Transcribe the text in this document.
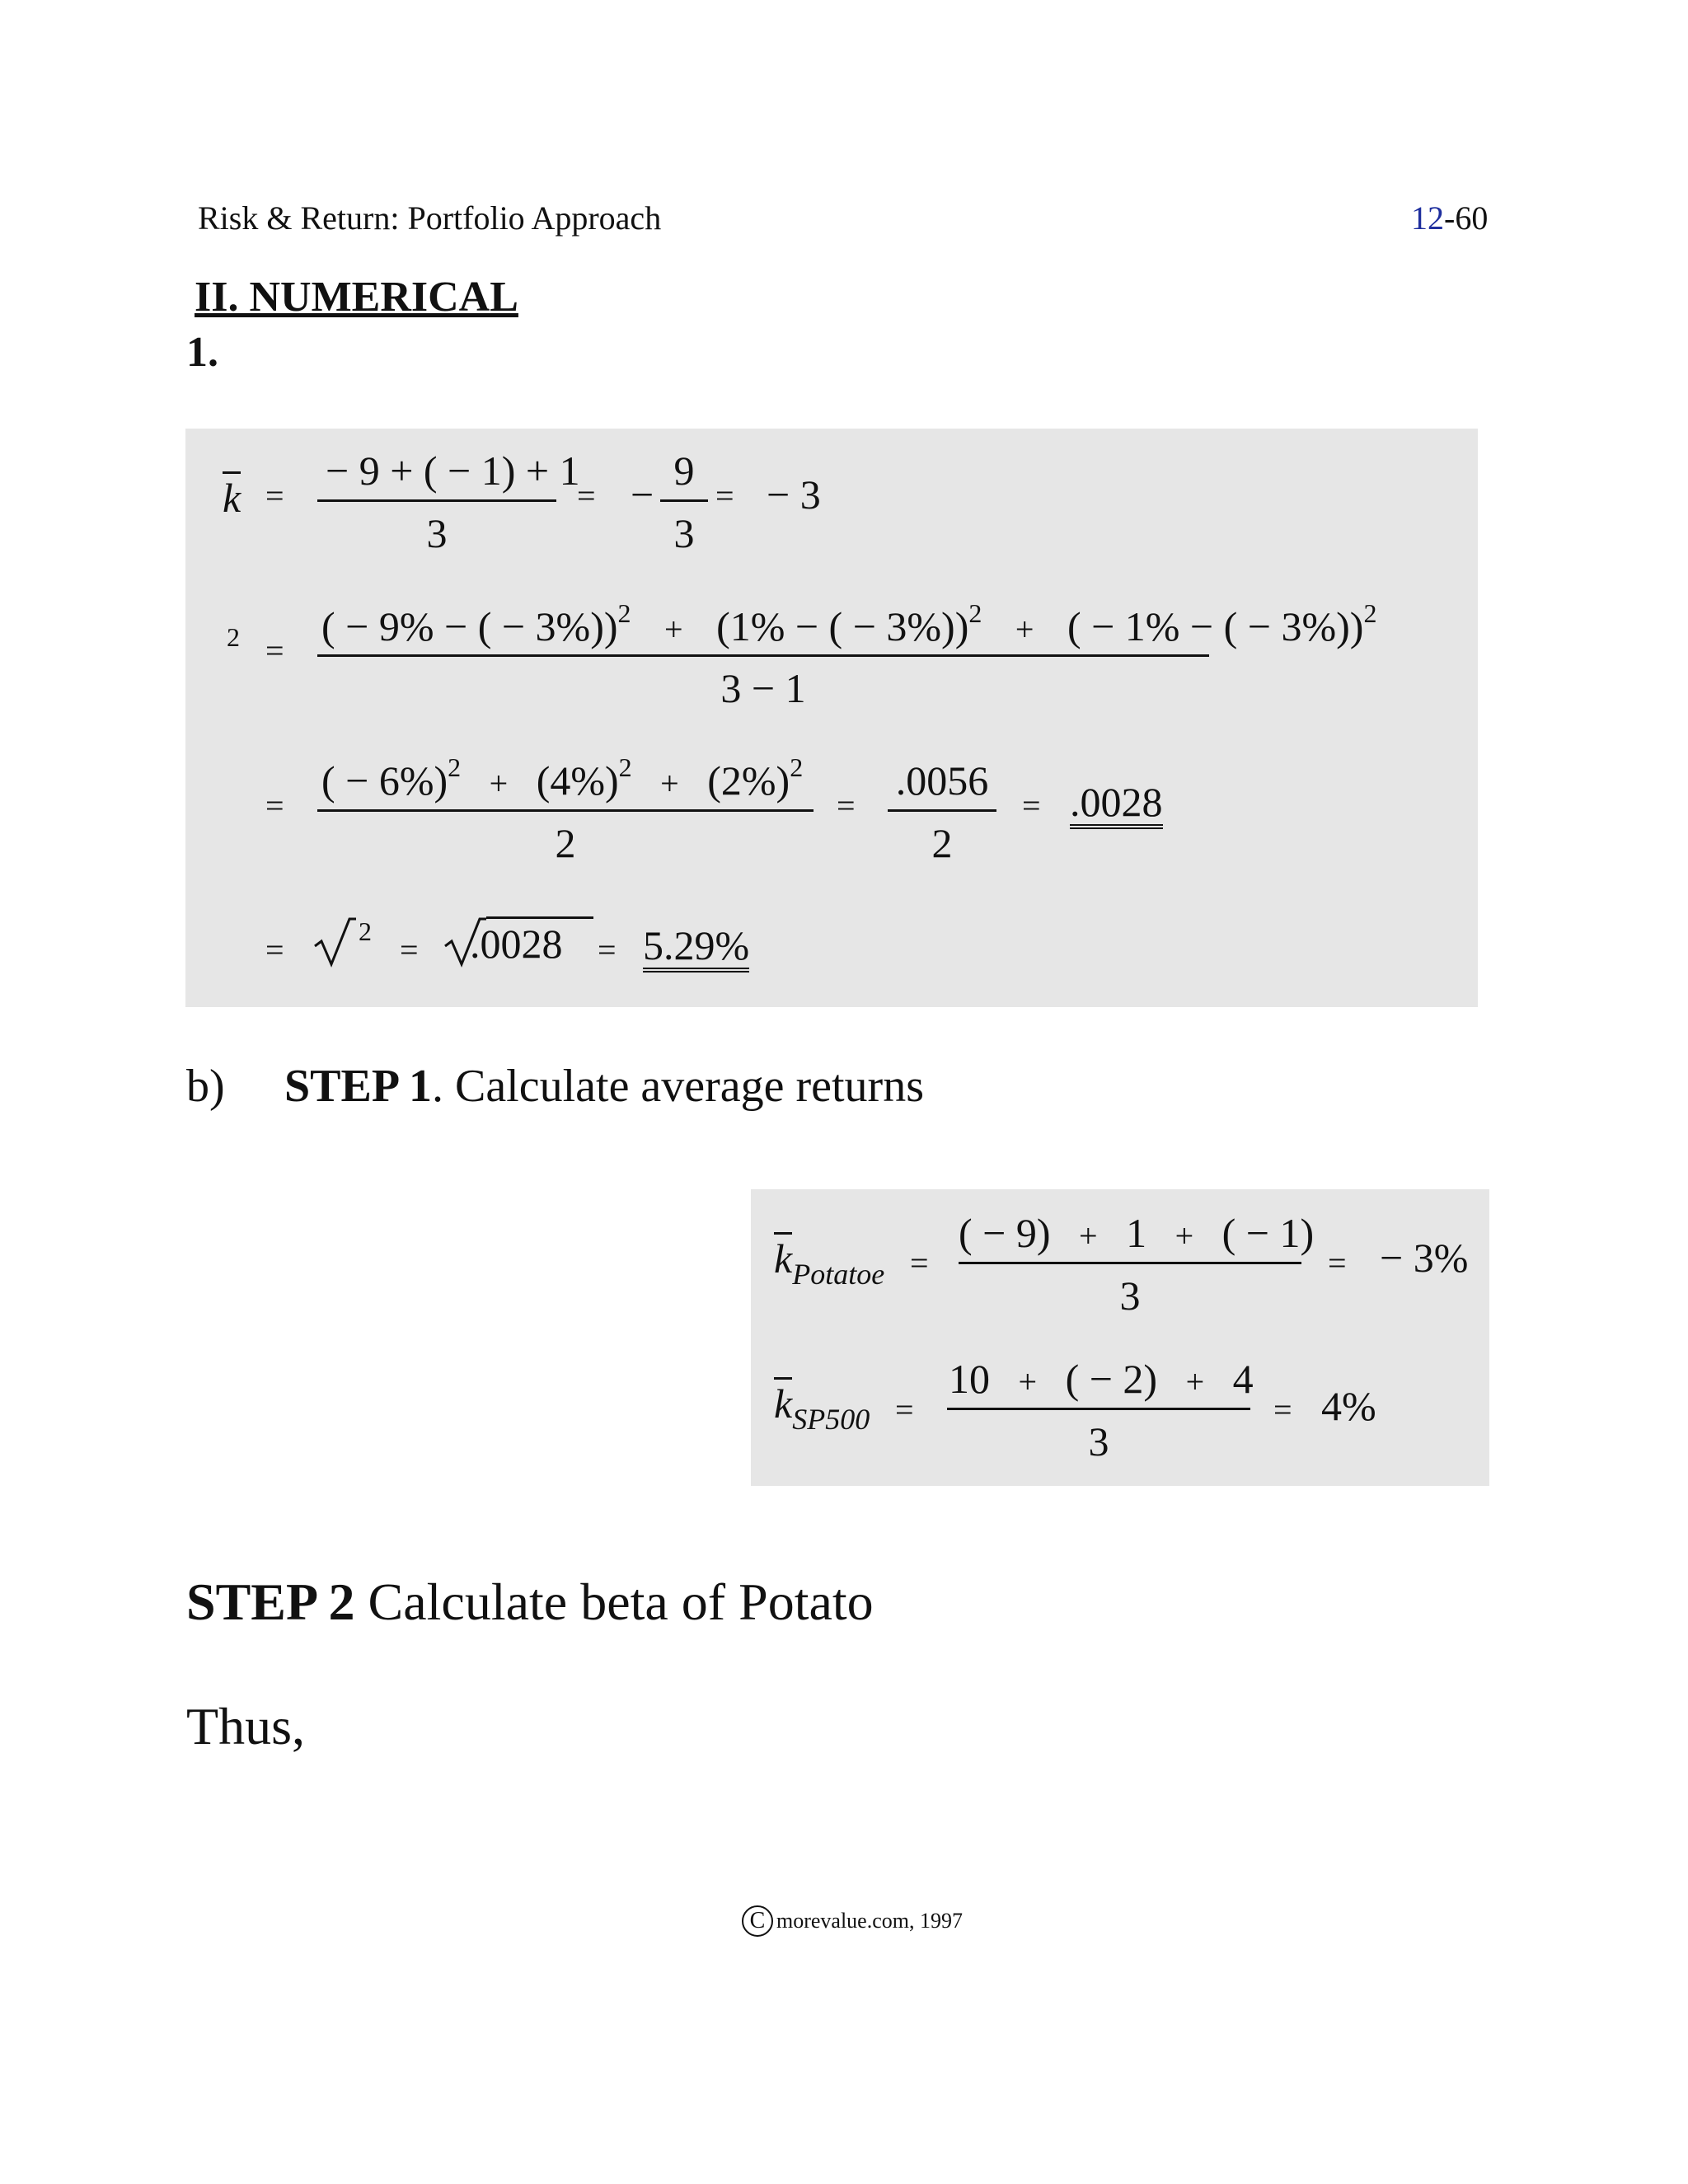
Risk & Return: Portfolio Approach	12-60
II. NUMERICAL
1.
k =
− 9 + ( − 1) + 1
3
= −
9
3
= − 3
2 =
( − 9% − ( − 3%))$^2$ + (1% − ( − 3%))$^2$ + ( − 1% − ( − 3%))$^2$
3 − 1
=
( − $6\%)^2 + (4\%)^2 + (2\%)^2$
2
=
.0056
2
= .0028
=	2 = .0028 = 5.29%
b) STEP 1. Calculate average returns
$k_{Potatoe}$ =
( − 9) + 1 + ( − 1)
3
= − 3%
$k_{SP500}$ =
10 + ( − 2) + 4
3
= 4%
STEP 2 Calculate beta of Potato
Thus,
C morevalue.com, 1997
